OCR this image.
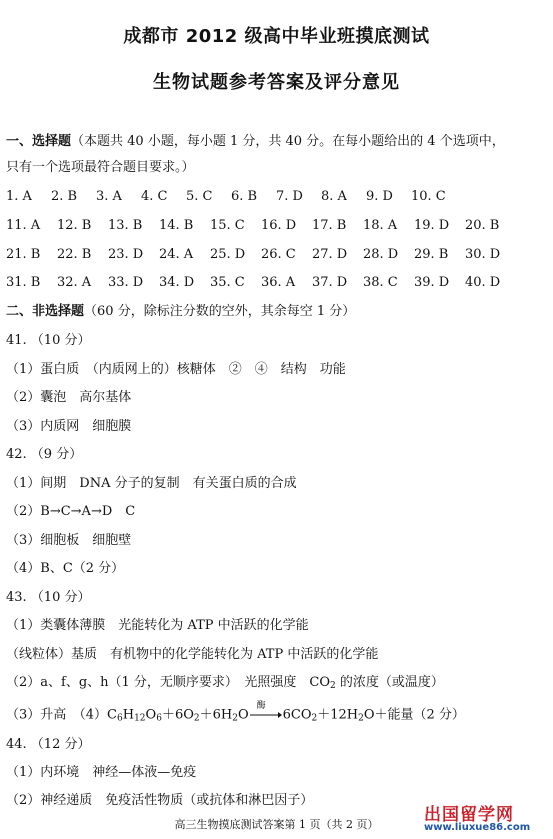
成都市 2012 级高中毕业班摸底测试
生物试题参考答案及评分意见
一、选择题（本题共 40 小题，每小题 1 分，共 40 分。在每小题给出的 4 个选项中，
只有一个选项最符合题目要求。）
1. A 2. B 3. A 4. C 5. C 6. B 7. D 8. A 9. D 10. C
11. A 12. B 13. B 14. B 15. C 16. D 17. B 18. A 19. D 20. B
21. B 22. B 23. D 24. A 25. D 26. C 27. D 28. D 29. B 30. D
31. B 32. A 33. D 34. D 35. C 36. A 37. D 38. C 39. D 40. D
二、非选择题（60 分，除标注分数的空外，其余每空 1 分）
41. （10 分）
（1）蛋白质　（内质网上的）核糖体　②　④　结构　功能
（2）囊泡　高尔基体
（3）内质网　细胞膜
42. （9 分）
（1）间期　DNA 分子的复制　有关蛋白质的合成
（2）B→C→A→D　C
（3）细胞板　细胞壁
（4）B、C（2 分）
43. （10 分）
（1）类囊体薄膜　光能转化为 ATP 中活跃的化学能
（线粒体）基质　有机物中的化学能转化为 ATP 中活跃的化学能
（2）a、f、g、h（1 分，无顺序要求）　光照强度　$CO_2$ 的浓度（或温度）
（3）升高　$(4)C_6H_{12}O_6+6O_2+6H_2O$
酶
$6CO_2+12H_2O+$能量（2 分）
44. （12 分）
（1）内环境　神经—体液—免疫
（2）神经递质　免疫活性物质（或抗体和淋巴因子）
高三生物摸底测试答案第 1 页（共 2 页）	出国留学网
www.liuxue86.com
